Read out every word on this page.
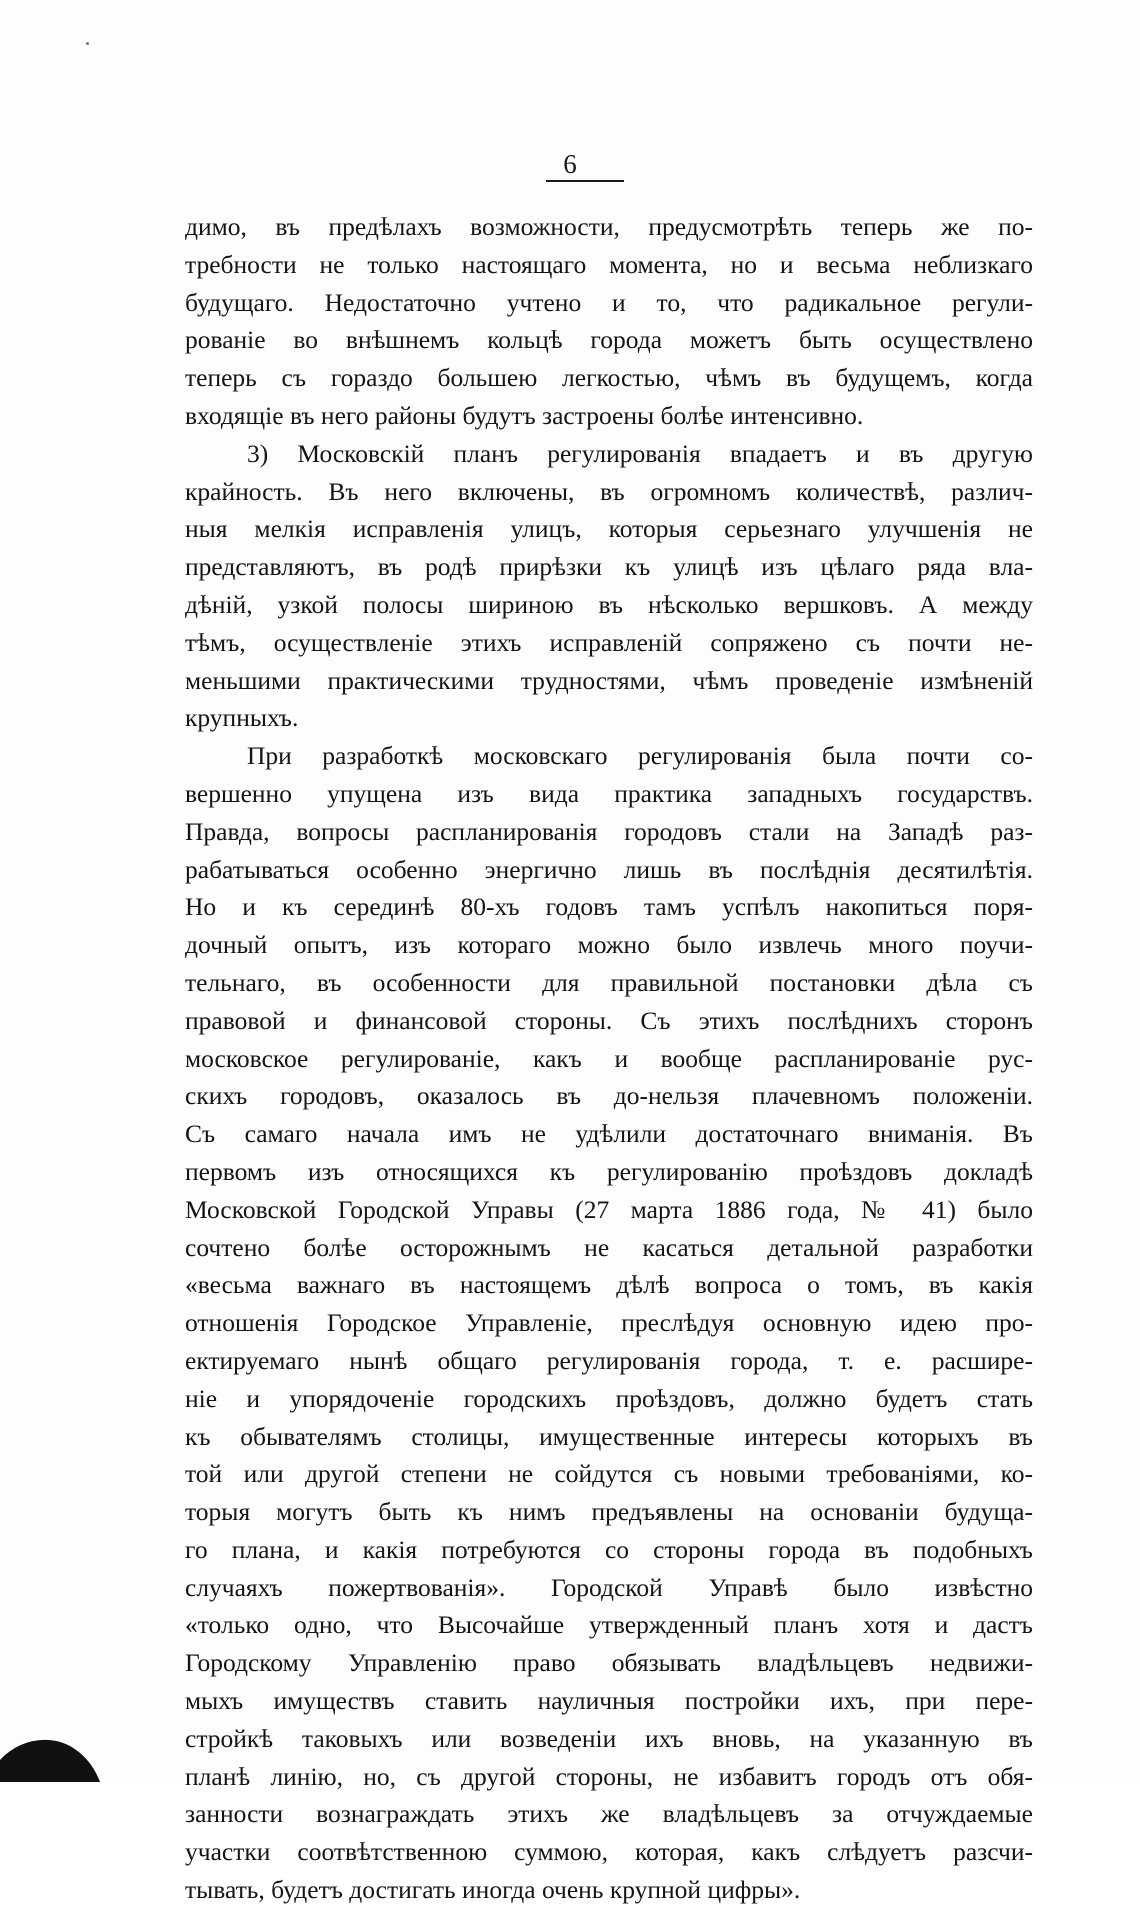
6
димо, въ предѣлахъ возможности, предусмотрѣть теперь же по-
требности не только настоящаго момента, но и весьма неблизкаго
будущаго. Недостаточно учтено и то, что радикальное регули-
рованіе во внѣшнемъ кольцѣ города можетъ быть осуществлено
теперь съ гораздо большею легкостью, чѣмъ въ будущемъ, когда
входящіе въ него районы будутъ застроены болѣе интенсивно.
3) Московскій планъ регулированія впадаетъ и въ другую
крайность. Въ него включены, въ огромномъ количествѣ, различ-
ныя мелкія исправленія улицъ, которыя серьезнаго улучшенія не
представляютъ, въ родѣ прирѣзки къ улицѣ изъ цѣлаго ряда вла-
дѣній, узкой полосы шириною въ нѣсколько вершковъ. А между
тѣмъ, осуществленіе этихъ исправленій сопряжено съ почти не-
меньшими практическими трудностями, чѣмъ проведеніе измѣненій
крупныхъ.
При разработкѣ московскаго регулированія была почти со-
вершенно упущена изъ вида практика западныхъ государствъ.
Правда, вопросы распланированія городовъ стали на Западѣ раз-
рабатываться особенно энергично лишь въ послѣднія десятилѣтія.
Но и къ серединѣ 80-хъ годовъ тамъ успѣлъ накопиться поря-
дочный опытъ, изъ котораго можно было извлечь много поучи-
тельнаго, въ особенности для правильной постановки дѣла съ
правовой и финансовой стороны. Съ этихъ послѣднихъ сторонъ
московское регулированіе, какъ и вообще распланированіе рус-
скихъ городовъ, оказалось въ до-нельзя плачевномъ положеніи.
Съ самаго начала имъ не удѣлили достаточнаго вниманія. Въ
первомъ изъ относящихся къ регулированію проѣздовъ докладѣ
Московской Городской Управы (27 марта 1886 года, № 41) было
сочтено болѣе осторожнымъ не касаться детальной разработки
«весьма важнаго въ настоящемъ дѣлѣ вопроса о томъ, въ какія
отношенія Городское Управленіе, преслѣдуя основную идею про-
ектируемаго нынѣ общаго регулированія города, т. е. расшире-
ніе и упорядоченіе городскихъ проѣздовъ, должно будетъ стать
къ обывателямъ столицы, имущественные интересы которыхъ въ
той или другой степени не сойдутся съ новыми требованіями, ко-
торыя могутъ быть къ нимъ предъявлены на основаніи будуща-
го плана, и какія потребуются со стороны города въ подобныхъ
случаяхъ пожертвованія». Городской Управѣ было извѣстно
«только одно, что Высочайше утвержденный планъ хотя и дастъ
Городскому Управленію право обязывать владѣльцевъ недвижи-
мыхъ имуществъ ставить науличныя постройки ихъ, при пере-
стройкѣ таковыхъ или возведеніи ихъ вновь, на указанную въ
планѣ линію, но, съ другой стороны, не избавитъ городъ отъ обя-
занности вознаграждать этихъ же владѣльцевъ за отчуждаемые
участки соотвѣтственною суммою, которая, какъ слѣдуетъ разсчи-
тывать, будетъ достигать иногда очень крупной цифры».
